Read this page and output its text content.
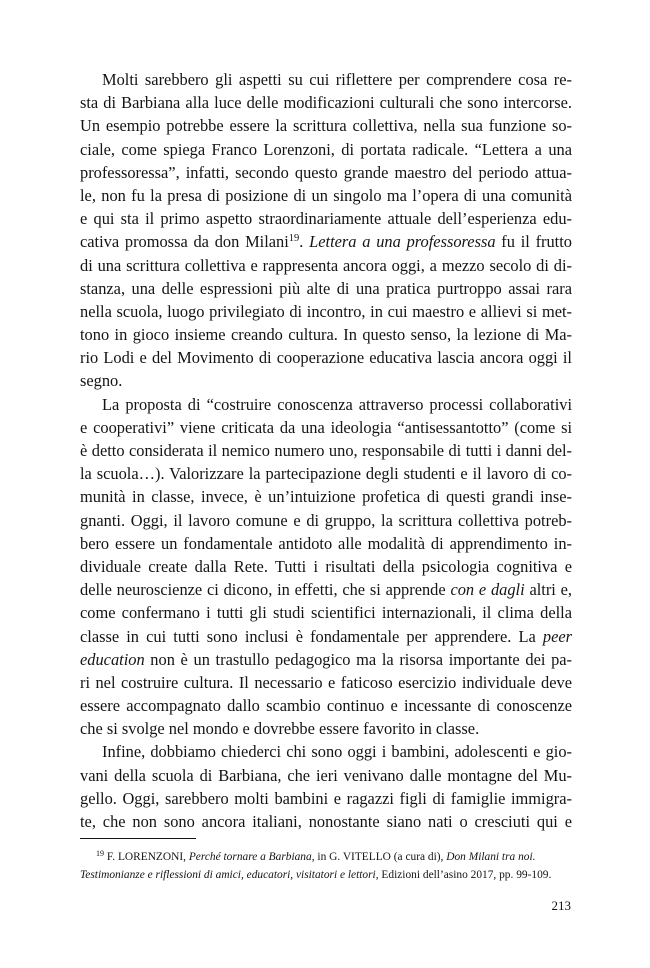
Molti sarebbero gli aspetti su cui riflettere per comprendere cosa re-
sta di Barbiana alla luce delle modificazioni culturali che sono intercorse.
Un esempio potrebbe essere la scrittura collettiva, nella sua funzione so-
ciale, come spiega Franco Lorenzoni, di portata radicale. “Lettera a una
professoressa”, infatti, secondo questo grande maestro del periodo attua-
le, non fu la presa di posizione di un singolo ma l’opera di una comunità
e qui sta il primo aspetto straordinariamente attuale dell’esperienza edu-
cativa promossa da don Milani$^{19}$. Lettera a una professoressa fu il frutto
di una scrittura collettiva e rappresenta ancora oggi, a mezzo secolo di di-
stanza, una delle espressioni più alte di una pratica purtroppo assai rara
nella scuola, luogo privilegiato di incontro, in cui maestro e allievi si met-
tono in gioco insieme creando cultura. In questo senso, la lezione di Ma-
rio Lodi e del Movimento di cooperazione educativa lascia ancora oggi il
segno.
La proposta di “costruire conoscenza attraverso processi collaborativi
e cooperativi” viene criticata da una ideologia “antisessantotto” (come si
è detto considerata il nemico numero uno, responsabile di tutti i danni del-
la scuola…). Valorizzare la partecipazione degli studenti e il lavoro di co-
munità in classe, invece, è un’intuizione profetica di questi grandi inse-
gnanti. Oggi, il lavoro comune e di gruppo, la scrittura collettiva potreb-
bero essere un fondamentale antidoto alle modalità di apprendimento in-
dividuale create dalla Rete. Tutti i risultati della psicologia cognitiva e
delle neuroscienze ci dicono, in effetti, che si apprende con e dagli altri e,
come confermano i tutti gli studi scientifici internazionali, il clima della
classe in cui tutti sono inclusi è fondamentale per apprendere. La peer
education non è un trastullo pedagogico ma la risorsa importante dei pa-
ri nel costruire cultura. Il necessario e faticoso esercizio individuale deve
essere accompagnato dallo scambio continuo e incessante di conoscenze
che si svolge nel mondo e dovrebbe essere favorito in classe.
Infine, dobbiamo chiederci chi sono oggi i bambini, adolescenti e gio-
vani della scuola di Barbiana, che ieri venivano dalle montagne del Mu-
gello. Oggi, sarebbero molti bambini e ragazzi figli di famiglie immigra-
te, che non sono ancora italiani, nonostante siano nati o cresciuti qui e
$^{19}$ F. LORENZONI, Perché tornare a Barbiana, in G. VITELLO (a cura di), Don Milani tra noi.
Testimonianze e riflessioni di amici, educatori, visitatori e lettori, Edizioni dell’asino 2017, pp. 99-109.
213
